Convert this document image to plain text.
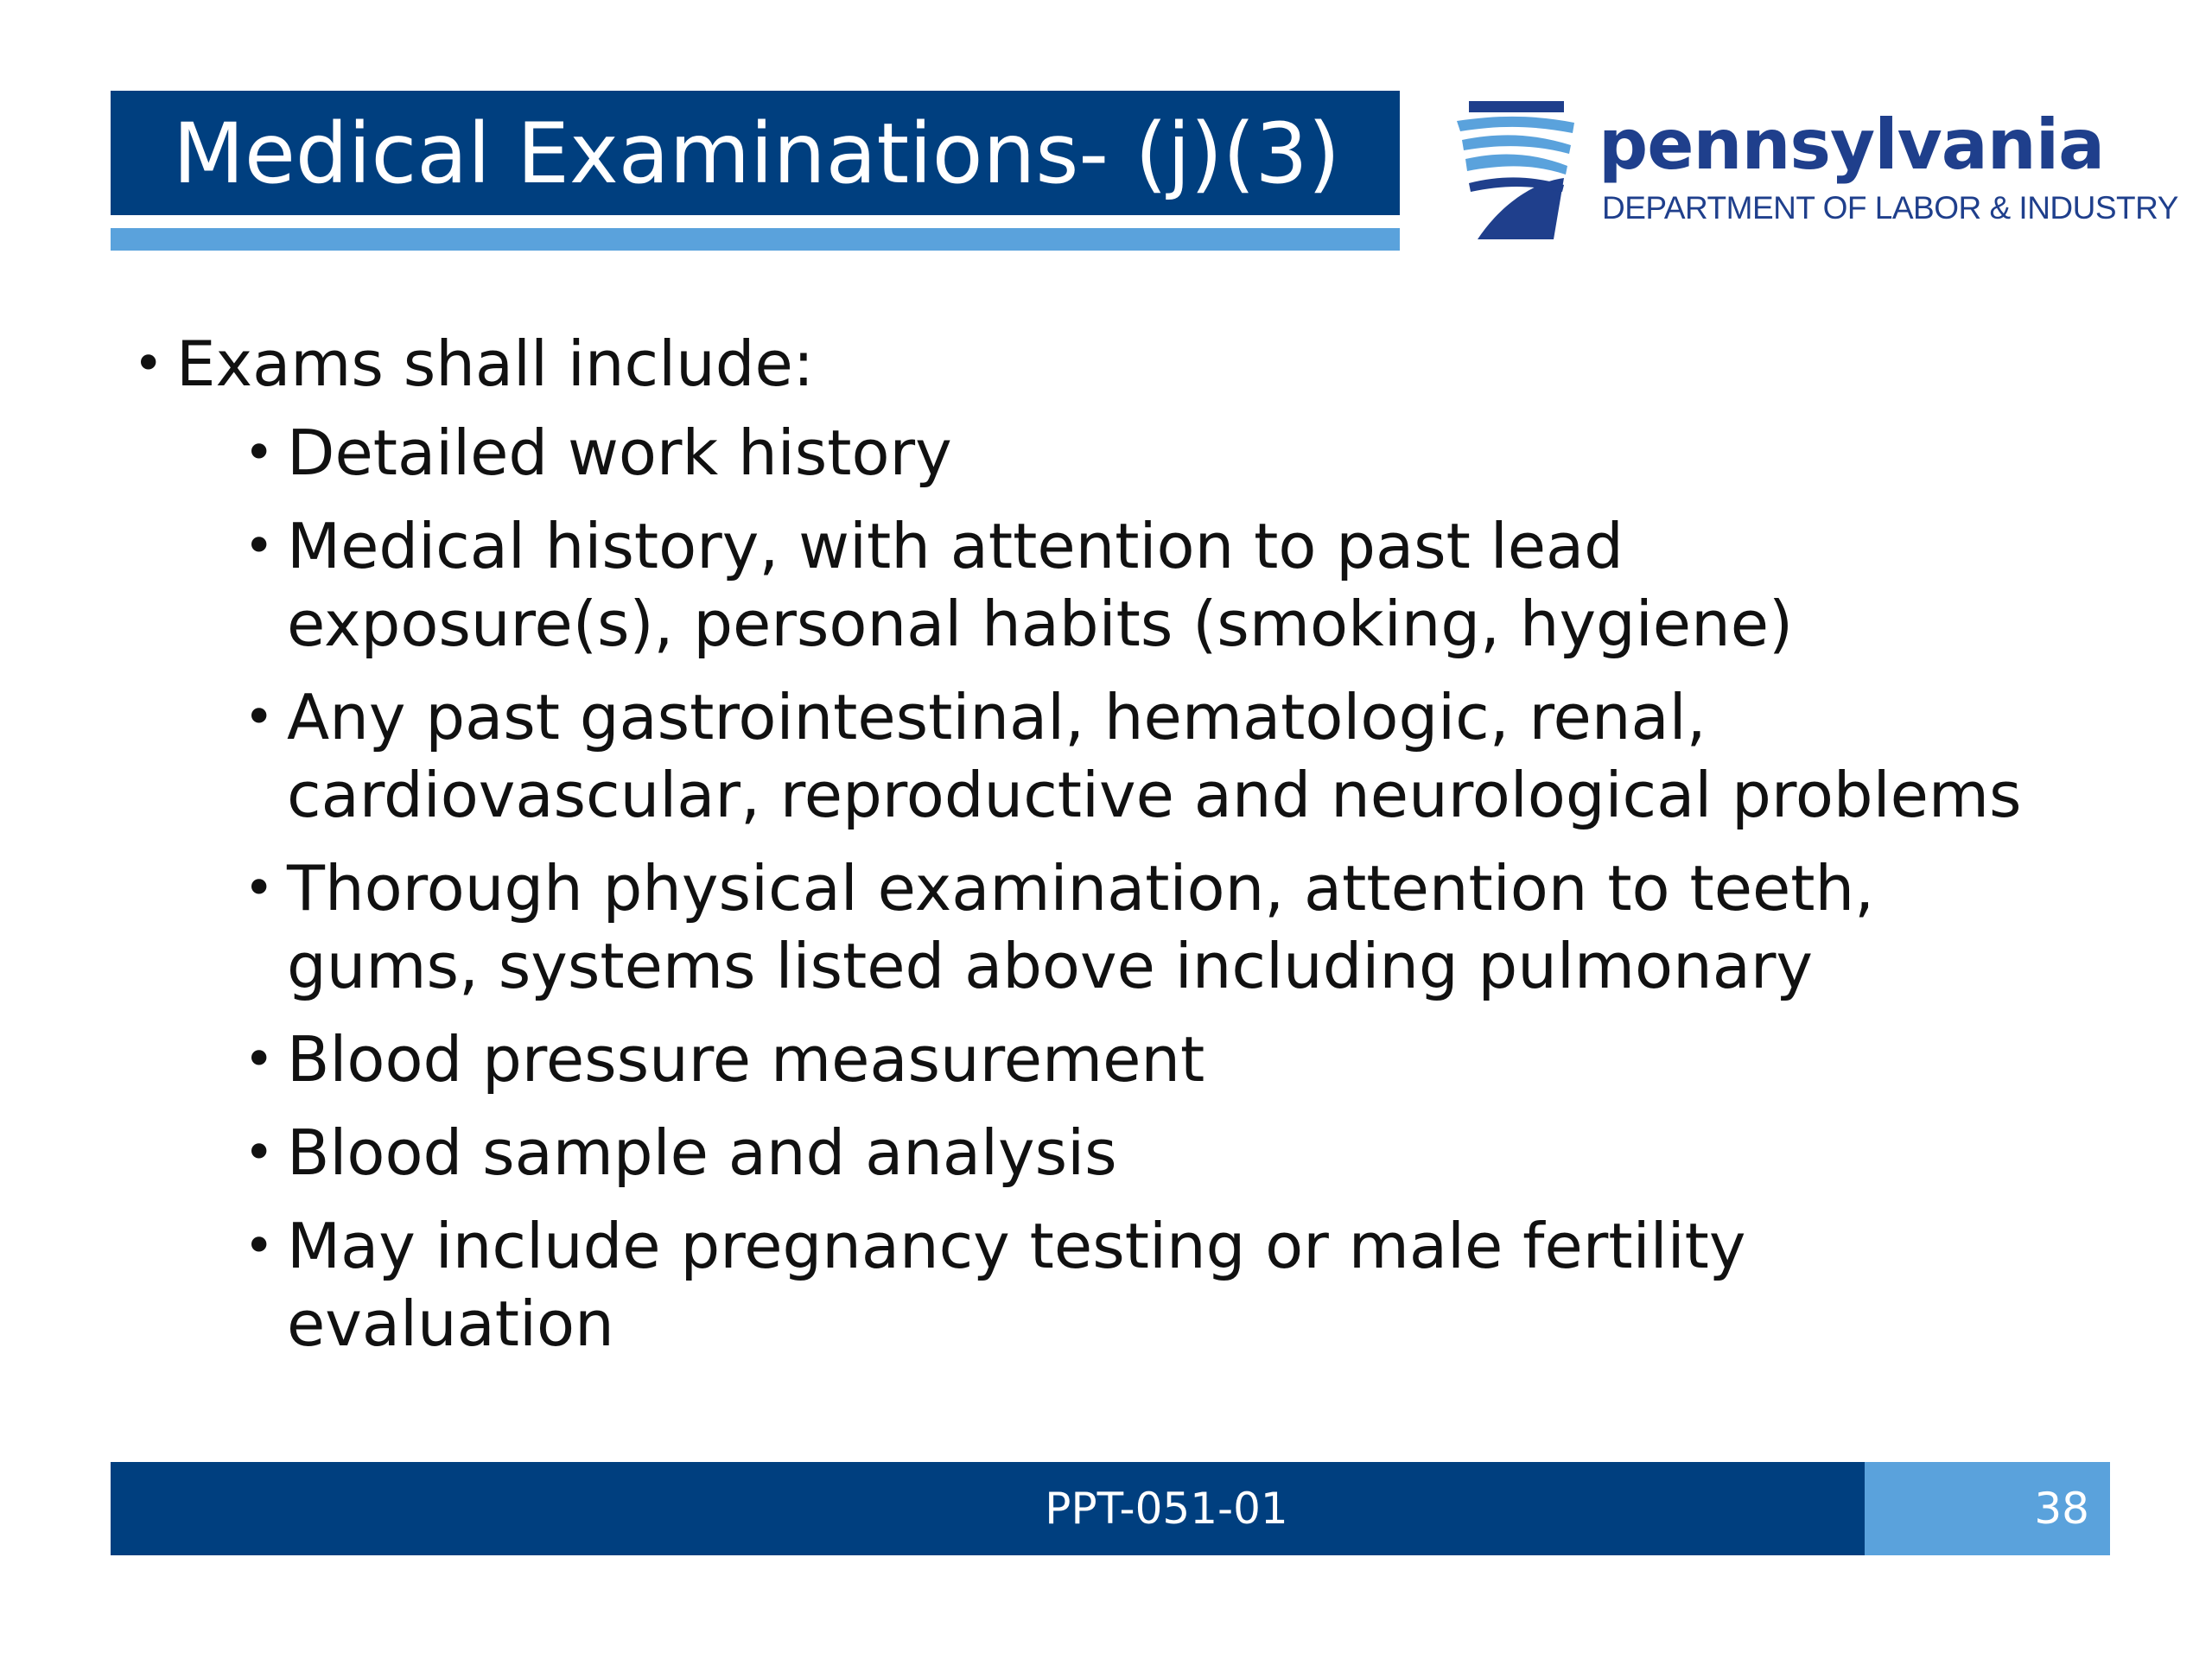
Medical Examinations- (j)(3)	pennsylvania
DEPARTMENT OF LABOR & INDUSTRY
• Exams shall include:
• Detailed work history
• Medical history, with attention to past lead
exposure(s), personal habits (smoking, hygiene)
• Any past gastrointestinal, hematologic, renal,
cardiovascular, reproductive and neurological problems
• Thorough physical examination, attention to teeth,
gums, systems listed above including pulmonary
• Blood pressure measurement
• Blood sample and analysis
• May include pregnancy testing or male fertility
evaluation
PPT-051-01	38
